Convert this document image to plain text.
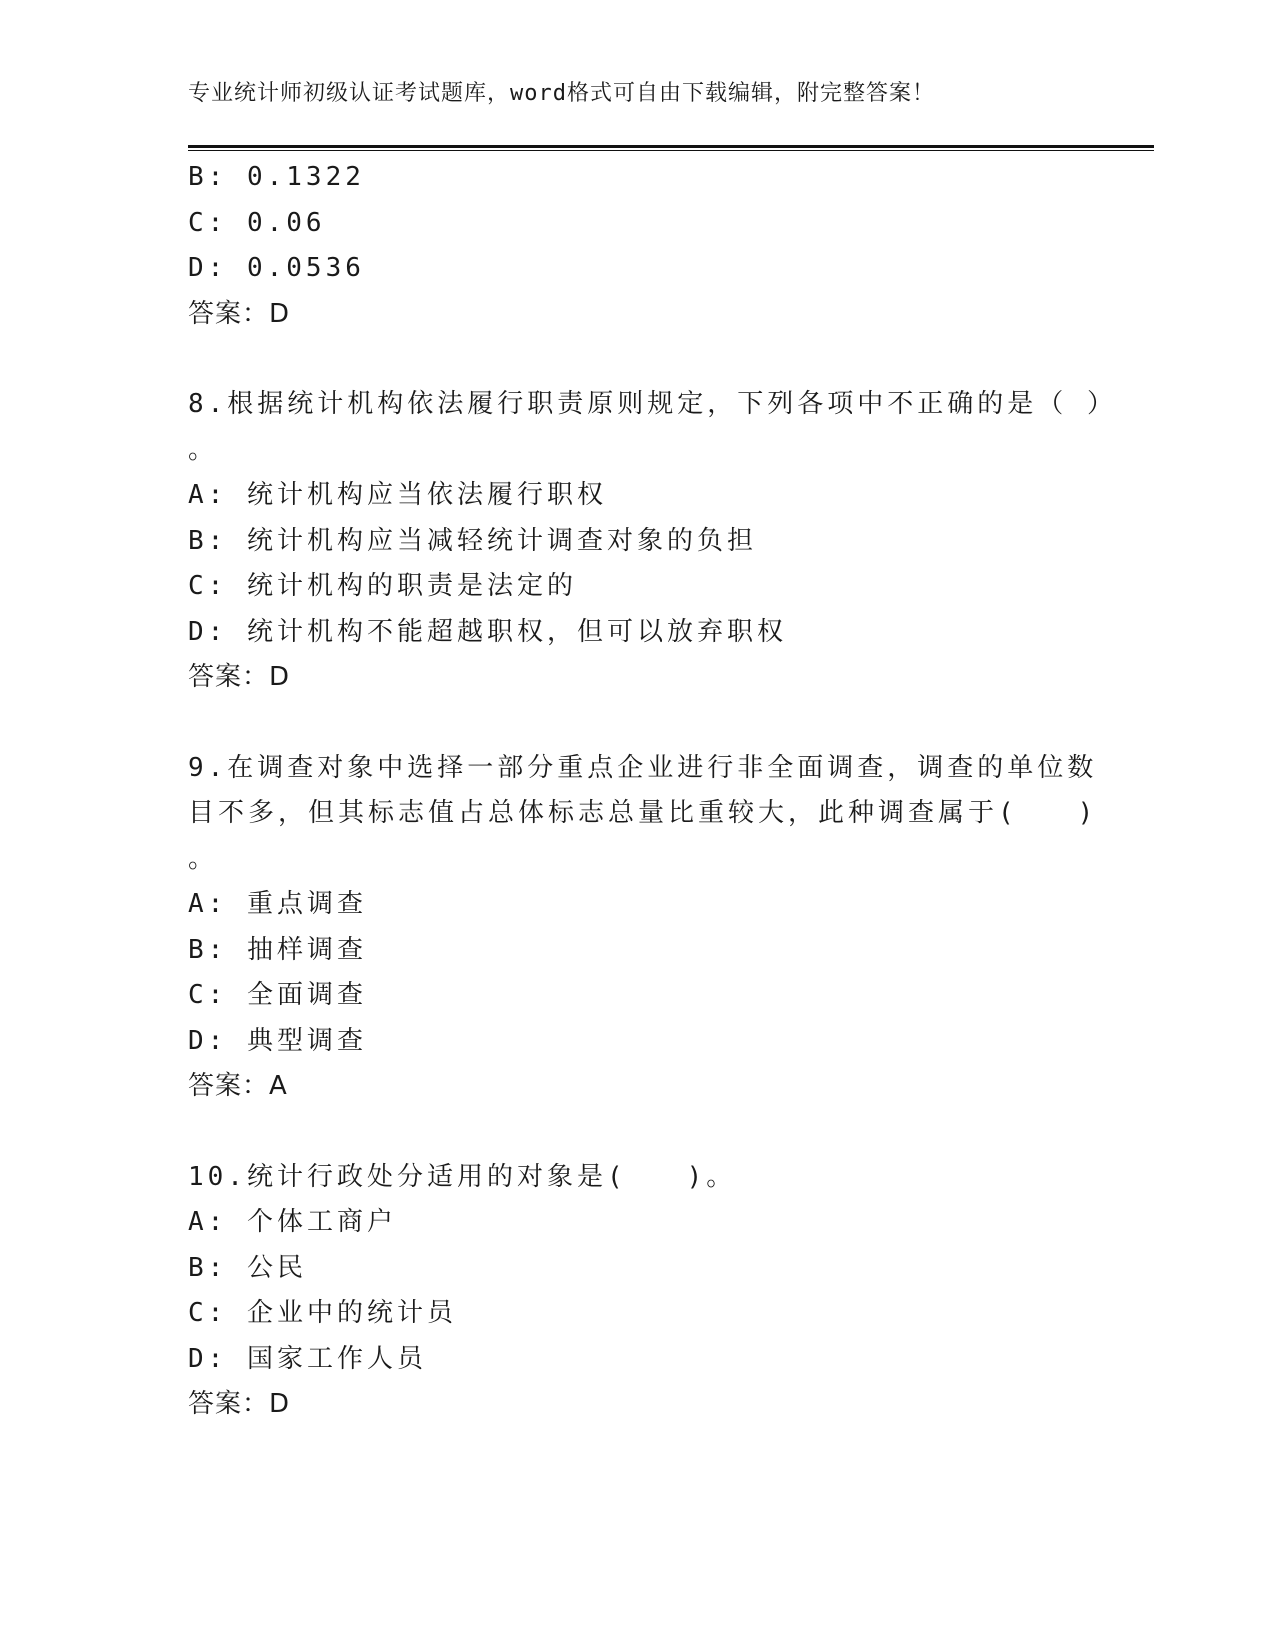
专业统计师初级认证考试题库，word格式可自由下载编辑，附完整答案！
B: 0.1322
C: 0.06
D: 0.0536
答案：D
8.根据统计机构依法履行职责原则规定，下列各项中不正确的是（ ）
。
A: 统计机构应当依法履行职权
B: 统计机构应当减轻统计调查对象的负担
C: 统计机构的职责是法定的
D: 统计机构不能超越职权，但可以放弃职权
答案：D
9.在调查对象中选择一部分重点企业进行非全面调查，调查的单位数
目不多，但其标志值占总体标志总量比重较大，此种调查属于(　　)
。
A: 重点调查
B: 抽样调查
C: 全面调查
D: 典型调查
答案：A
10.统计行政处分适用的对象是(　　)。
A: 个体工商户
B: 公民
C: 企业中的统计员
D: 国家工作人员
答案：D
